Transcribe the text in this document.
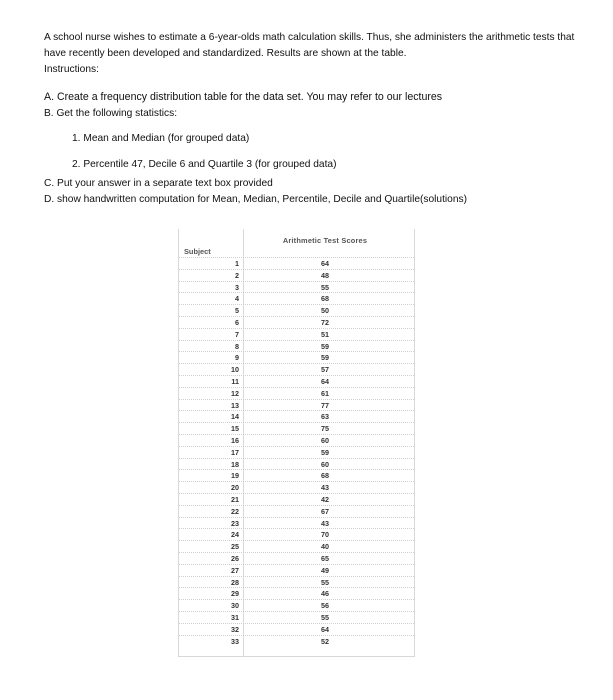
A school nurse wishes to estimate a 6-year-olds math calculation skills. Thus, she administers the arithmetic tests that have recently been developed and standardized. Results are shown at the table.
Instructions:
A. Create a frequency distribution table for the data set. You may refer to our lectures
B. Get the following statistics:
1. Mean and Median (for grouped data)
2. Percentile 47, Decile 6 and Quartile 3 (for grouped data)
C. Put your answer in a separate text box provided
D. show handwritten computation for Mean, Median, Percentile, Decile and Quartile(solutions)
Arithmetic Test Scores
Subject
1	64
2	48
3	55
4	68
5	50
6	72
7	51
8	59
9	59
10	57
11	64
12	61
13	77
14	63
15	75
16	60
17	59
18	60
19	68
20	43
21	42
22	67
23	43
24	70
25	40
26	65
27	49
28	55
29	46
30	56
31	55
32	64
33	52
